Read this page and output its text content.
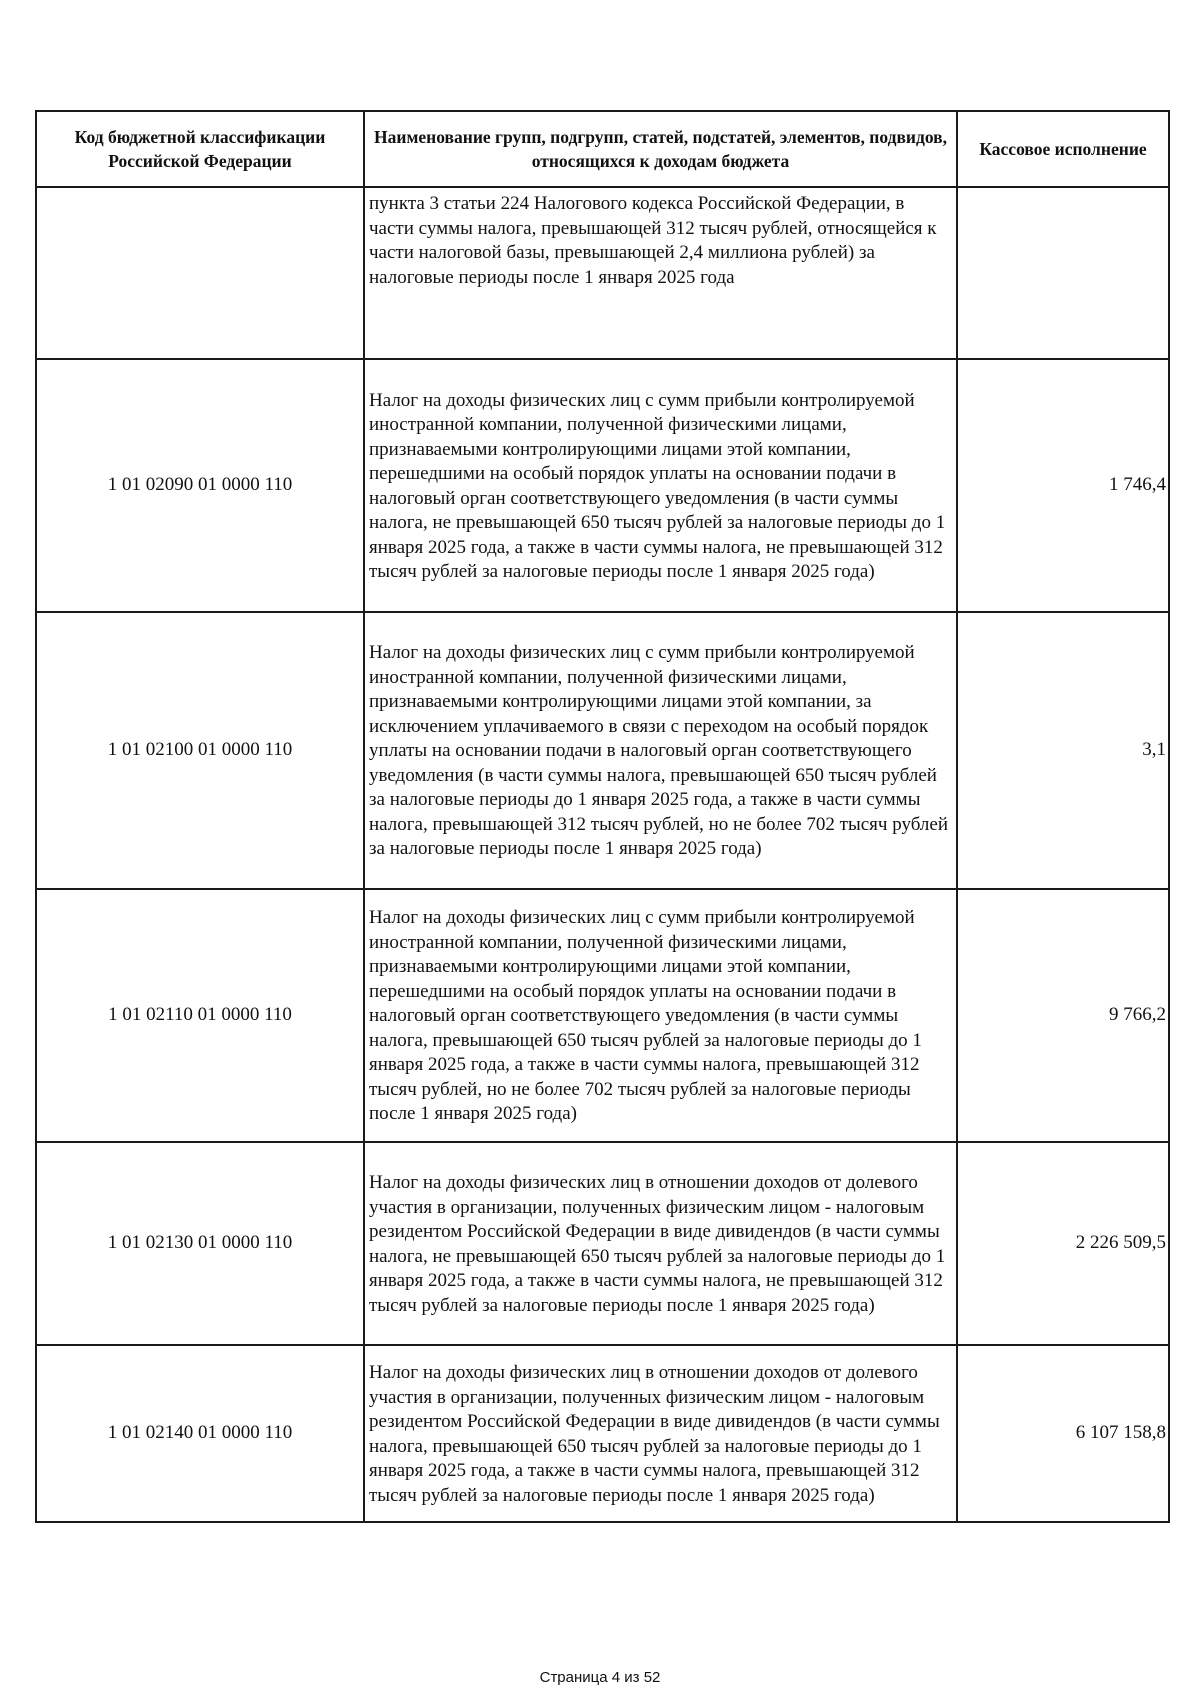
Код бюджетной классификации Российской Федерации	Наименование групп, подгрупп, статей, подстатей, элементов, подвидов, относящихся к доходам бюджета	Кассовое исполнение
	пункта 3 статьи 224 Налогового кодекса Российской Федерации, в части суммы налога, превышающей 312 тысяч рублей, относящейся к части налоговой базы, превышающей 2,4 миллиона рублей) за налоговые периоды после 1 января 2025 года	
1 01 02090 01 0000 110	Налог на доходы физических лиц с сумм прибыли контролируемой иностранной компании, полученной физическими лицами, признаваемыми контролирующими лицами этой компании, перешедшими на особый порядок уплаты на основании подачи в налоговый орган соответствующего уведомления (в части суммы налога, не превышающей 650 тысяч рублей за налоговые периоды до 1 января 2025 года, а также в части суммы налога, не превышающей 312 тысяч рублей за налоговые периоды после 1 января 2025 года)	1 746,4
1 01 02100 01 0000 110	Налог на доходы физических лиц с сумм прибыли контролируемой иностранной компании, полученной физическими лицами, признаваемыми контролирующими лицами этой компании, за исключением уплачиваемого в связи с переходом на особый порядок уплаты на основании подачи в налоговый орган соответствующего уведомления (в части суммы налога, превышающей 650 тысяч рублей за налоговые периоды до 1 января 2025 года, а также в части суммы налога, превышающей 312 тысяч рублей, но не более 702 тысяч рублей за налоговые периоды после 1 января 2025 года)	3,1
1 01 02110 01 0000 110	Налог на доходы физических лиц с сумм прибыли контролируемой иностранной компании, полученной физическими лицами, признаваемыми контролирующими лицами этой компании, перешедшими на особый порядок уплаты на основании подачи в налоговый орган соответствующего уведомления (в части суммы налога, превышающей 650 тысяч рублей за налоговые периоды до 1 января 2025 года, а также в части суммы налога, превышающей 312 тысяч рублей, но не более 702 тысяч рублей за налоговые периоды после 1 января 2025 года)	9 766,2
1 01 02130 01 0000 110	Налог на доходы физических лиц в отношении доходов от долевого участия в организации, полученных физическим лицом - налоговым резидентом Российской Федерации в виде дивидендов (в части суммы налога, не превышающей 650 тысяч рублей за налоговые периоды до 1 января 2025 года, а также в части суммы налога, не превышающей 312 тысяч рублей за налоговые периоды после 1 января 2025 года)	2 226 509,5
1 01 02140 01 0000 110	Налог на доходы физических лиц в отношении доходов от долевого участия в организации, полученных физическим лицом - налоговым резидентом Российской Федерации в виде дивидендов (в части суммы налога, превышающей 650 тысяч рублей за налоговые периоды до 1 января 2025 года, а также в части суммы налога, превышающей 312 тысяч рублей за налоговые периоды после 1 января 2025 года)	6 107 158,8
Страница 4 из 52
